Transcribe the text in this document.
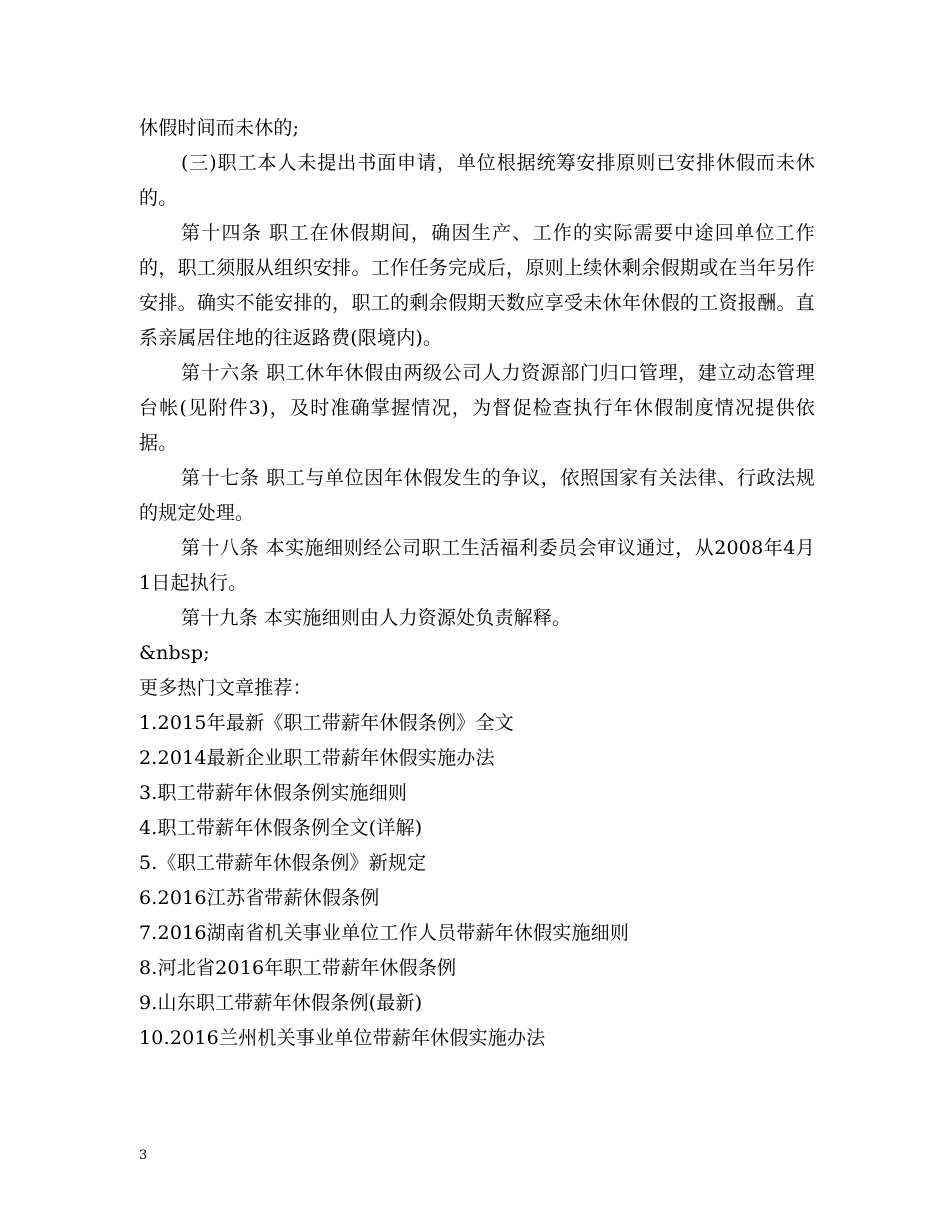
休假时间而未休的;

(三)职工本人未提出书面申请，单位根据统筹安排原则已安排休假而未休的。

第十四条 职工在休假期间，确因生产、工作的实际需要中途回单位工作的，职工须服从组织安排。工作任务完成后，原则上续休剩余假期或在当年另作安排。确实不能安排的，职工的剩余假期天数应享受未休年休假的工资报酬。直系亲属居住地的往返路费(限境内)。

第十六条 职工休年休假由两级公司人力资源部门归口管理，建立动态管理台帐(见附件3)，及时准确掌握情况，为督促检查执行年休假制度情况提供依据。

第十七条 职工与单位因年休假发生的争议，依照国家有关法律、行政法规的规定处理。

第十八条 本实施细则经公司职工生活福利委员会审议通过，从2008年4月1日起执行。

第十九条 本实施细则由人力资源处负责解释。

&nbsp;

更多热门文章推荐：

1.2015年最新《职工带薪年休假条例》全文
2.2014最新企业职工带薪年休假实施办法
3.职工带薪年休假条例实施细则
4.职工带薪年休假条例全文(详解)
5.《职工带薪年休假条例》新规定
6.2016江苏省带薪休假条例
7.2016湖南省机关事业单位工作人员带薪年休假实施细则
8.河北省2016年职工带薪年休假条例
9.山东职工带薪年休假条例(最新)
10.2016兰州机关事业单位带薪年休假实施办法
3
